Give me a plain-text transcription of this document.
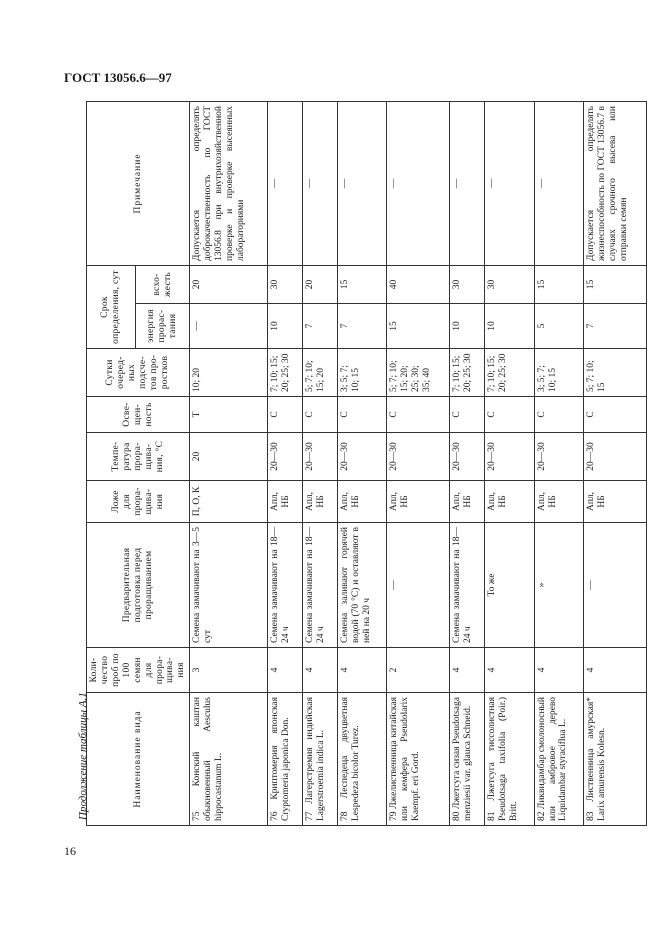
ГОСТ 13056.6—97
16
Продолжение таблицы А.1	Наименование вида	Коли-чество проб по 100 семян для прора-щива-ния	Предварительная подготовка перед проращиванием	Ложе для прора-щива-ния	Темпе-ратура прора-щива-ния, °С	Осве-щен-ность	Сутки очеред-ных подсче-тов про-ростков	Срок определения, сут		Примечание
							энергия прорас-тания	всхо-жесть	
75 Конский каштан обыкновенный Aesculus hippocastanum L.	3	Семена замачивают на 3—5 сут	П, О, К	20	Т	10; 20	—	20	Допускается определять доброкачественность по ГОСТ 13056.8 при внутрихозяйственной проверке и проверке высеянных лабораториями
76 Криптомерия японская Cryptomeria japonica Don.	4	Семена замачивают на 18—24 ч	Апл, НБ	20—30	С	7; 10; 15; 20; 25; 30	10	30	—
77 Лагерстремия индийская Lagerstroemia indica L.	4	Семена замачивают на 18—24 ч	Апл, НБ	20—30	С	5; 7; 10; 15; 20	7	20	—
78 Леспедеца двуцветная Lespedeza bicolor Turez.	4	Семена заливают горячей водой (70 °С) и оставляют в ней на 20 ч	Апл, НБ	20—30	С	3; 5; 7; 10; 15	7	15	—
79 Лжелиственница китайская или кемфера Pseudolarix Kaempf. eri Gord.	2	—	Апл, НБ	20—30	С	5; 7; 10; 15; 20; 25; 30; 35; 40	15	40	—
80 Лжетсуга сизая Pseudotsaga menziesii var. glauca Schneid.	4	Семена замачивают на 18—24 ч	Апл, НБ	20—30	С	7; 10; 15; 20; 25; 30	10	30	—
81 Лжетсуга тиссолистная Pseudotsaga taxifolia (Poir.) Britt.	4	То же	Апл, НБ	20—30	С	7; 10; 15; 20; 25; 30	10	30	—
82 Ликвидамбар смолоносный или амбровое дерево Liquidambar styraciflua L.	4	»	Апл, НБ	20—30	С	3; 5; 7; 10; 15	5	15	—
83 Лиственница амурская* Larix amurensis Kolesn.	4	—	Апл, НБ	20—30	С	5; 7; 10; 15	7	15	Допускается определять жизнеспособность по ГОСТ 13056.7 в случаях срочного высева или отправки семян
